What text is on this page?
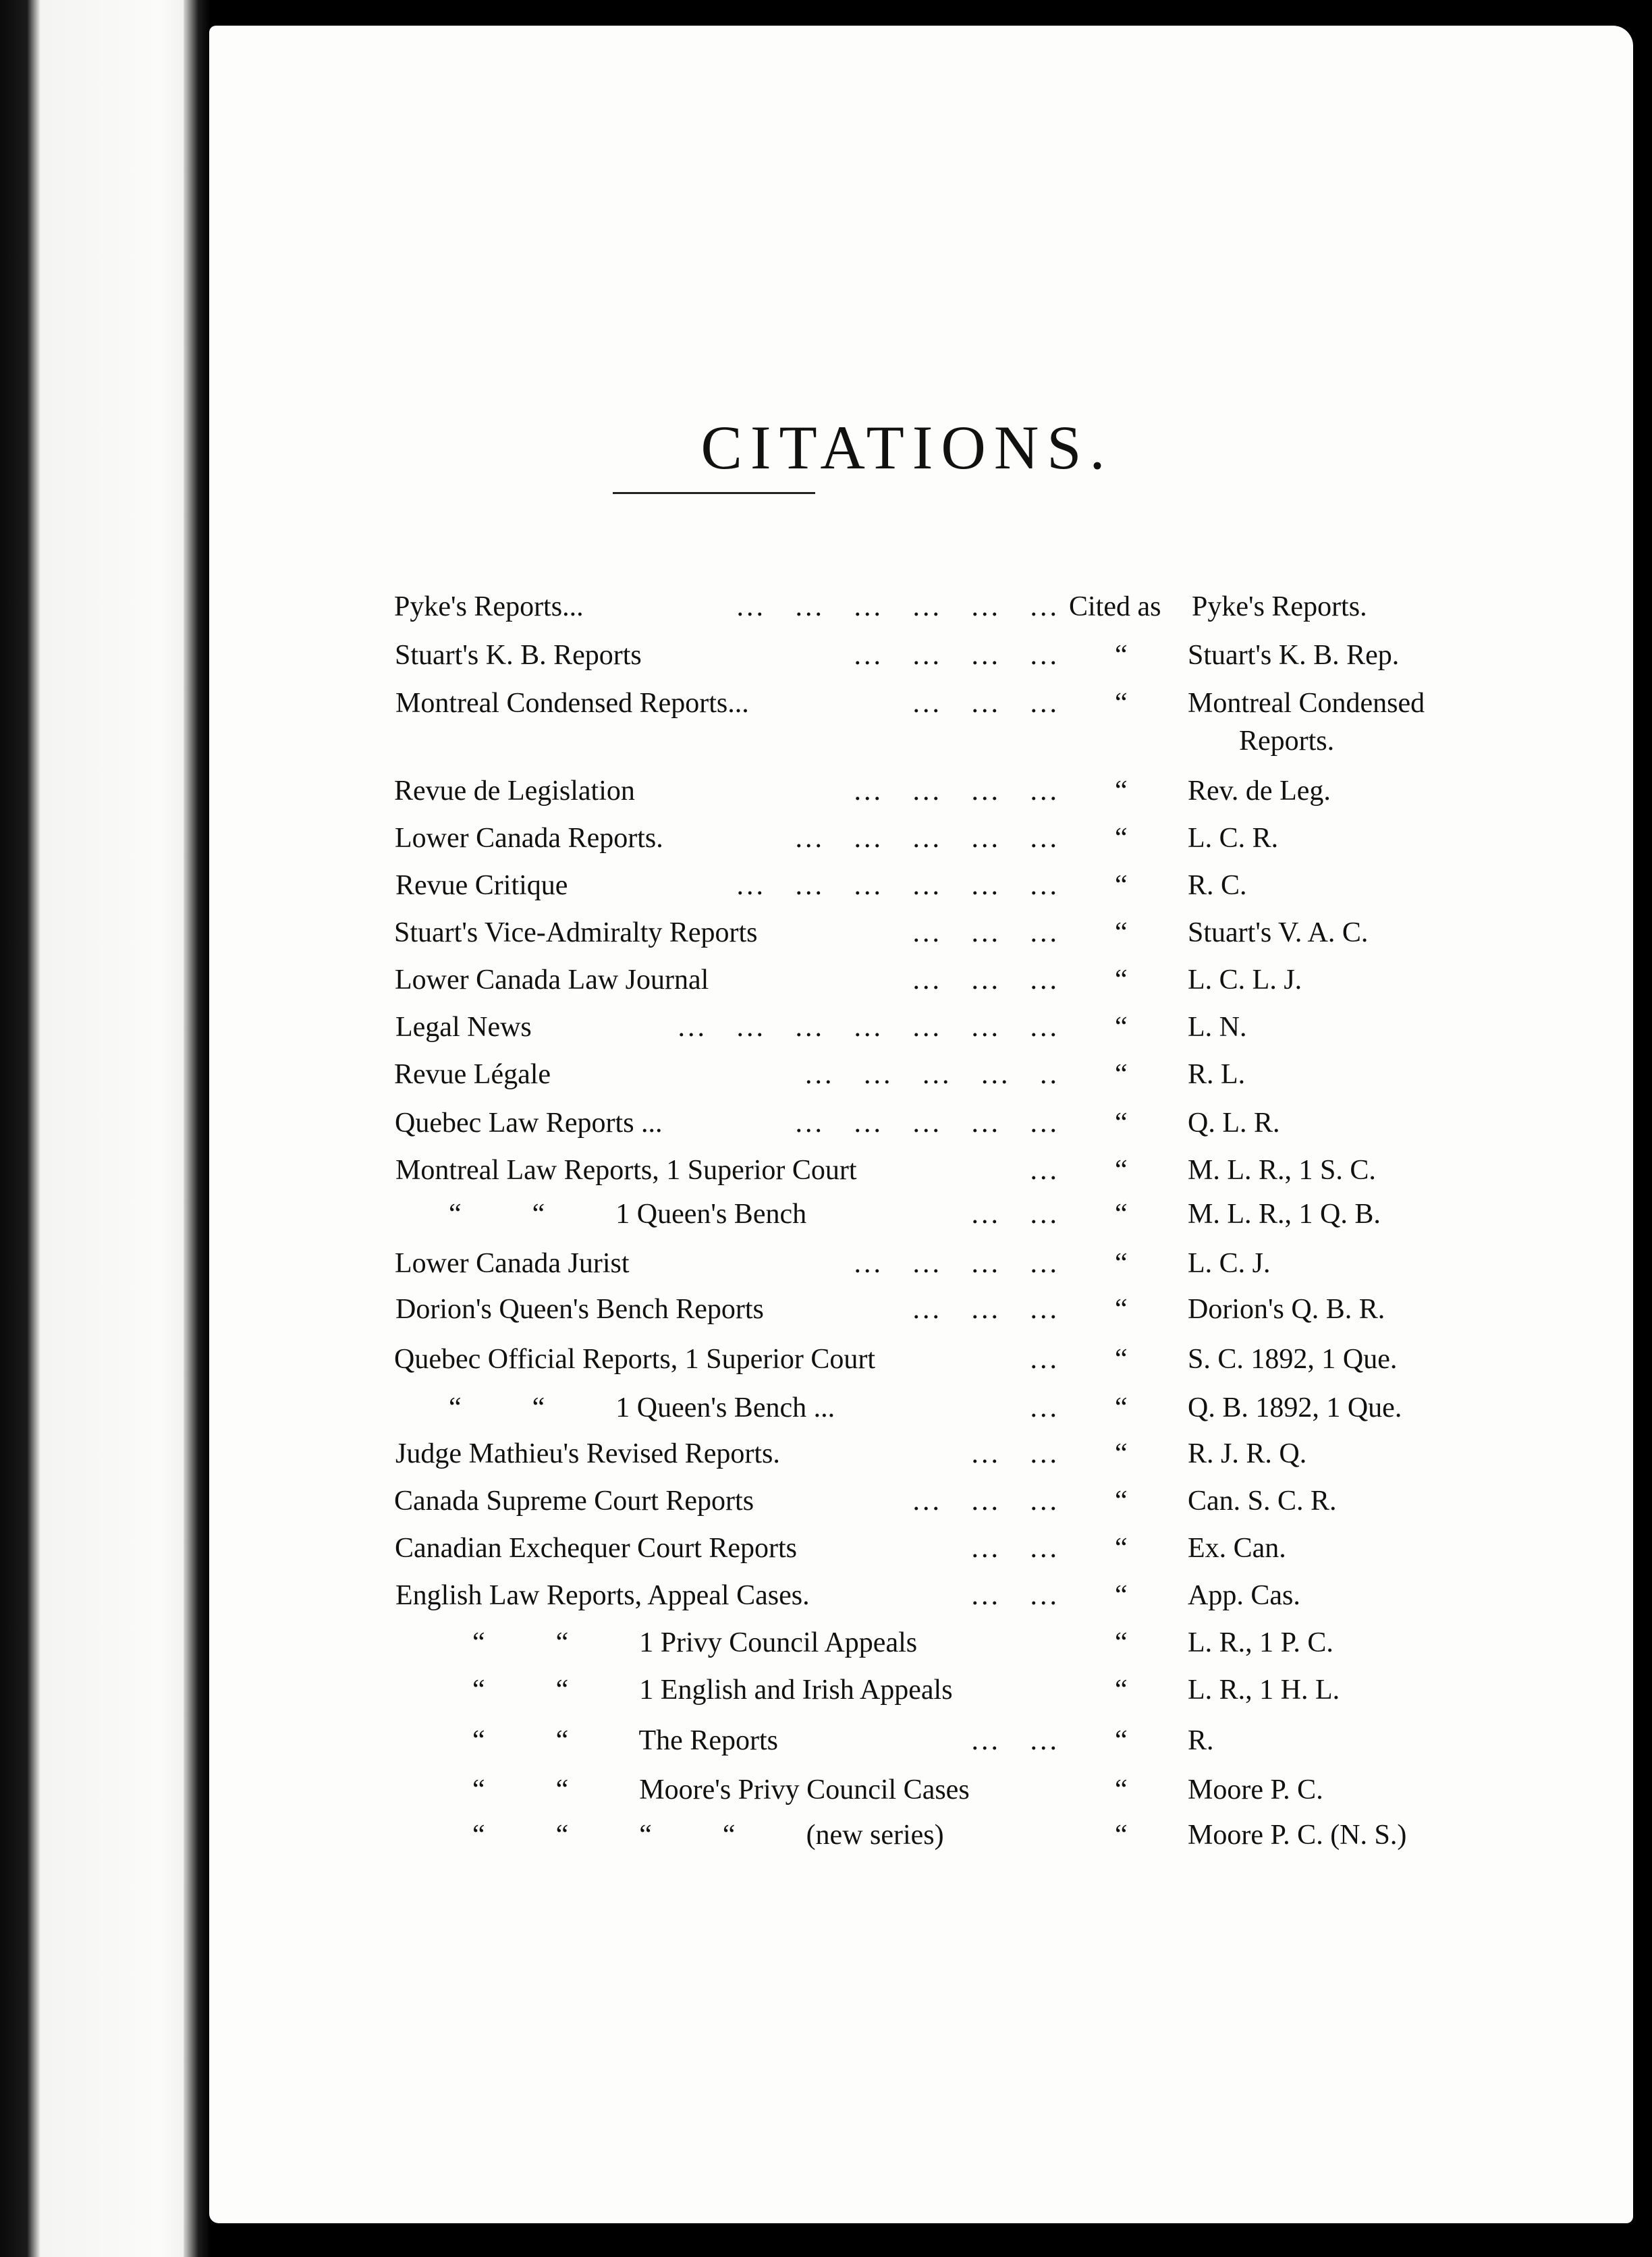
CITATIONS.
Pyke's Reports...	...   ...   ...   ...   ...   ... Cited as Pyke's Reports.
Stuart's K. B. Reports	...   ...   ...   ... “ Stuart's K. B. Rep.
Montreal Condensed Reports...	...   ...   ... “ Montreal Condensed
Reports.
Revue de Legislation	...   ...   ...   ... “ Rev. de Leg.
Lower Canada Reports.	...   ...   ...   ...   ... “ L. C. R.
Revue Critique	...   ...   ...   ...   ...   ... “ R. C.
Stuart's Vice-Admiralty Reports	...   ...   ... “ Stuart's V. A. C.
Lower Canada Law Journal	...   ...   ... “ L. C. L. J.
Legal News	...   ...   ...   ...   ...   ...   ... “ L. N.
Revue Légale	...   ...   ...   ...   .. “ R. L.
Quebec Law Reports ...	...   ...   ...   ...   ... “ Q. L. R.
Montreal Law Reports, 1 Superior Court	... “ M. L. R., 1 S. C.
“          “          1 Queen's Bench	...   ... “ M. L. R., 1 Q. B.
Lower Canada Jurist	...   ...   ...   ... “ L. C. J.
Dorion's Queen's Bench Reports	...   ...   ... “ Dorion's Q. B. R.
Quebec Official Reports, 1 Superior Court	... “ S. C. 1892, 1 Que.
“          “          1 Queen's Bench ...	... “ Q. B. 1892, 1 Que.
Judge Mathieu's Revised Reports.	...   ... “ R. J. R. Q.
Canada Supreme Court Reports	...   ...   ... “ Can. S. C. R.
Canadian Exchequer Court Reports	...   ... “ Ex. Can.
English Law Reports, Appeal Cases.	...   ... “ App. Cas.
“          “          1 Privy Council Appeals	“ L. R., 1 P. C.
“          “          1 English and Irish Appeals	“ L. R., 1 H. L.
“          “          The Reports	...   ... “ R.
“          “          Moore's Privy Council Cases	“ Moore P. C.
“          “          “          “          (new series)	“ Moore P. C. (N. S.)
